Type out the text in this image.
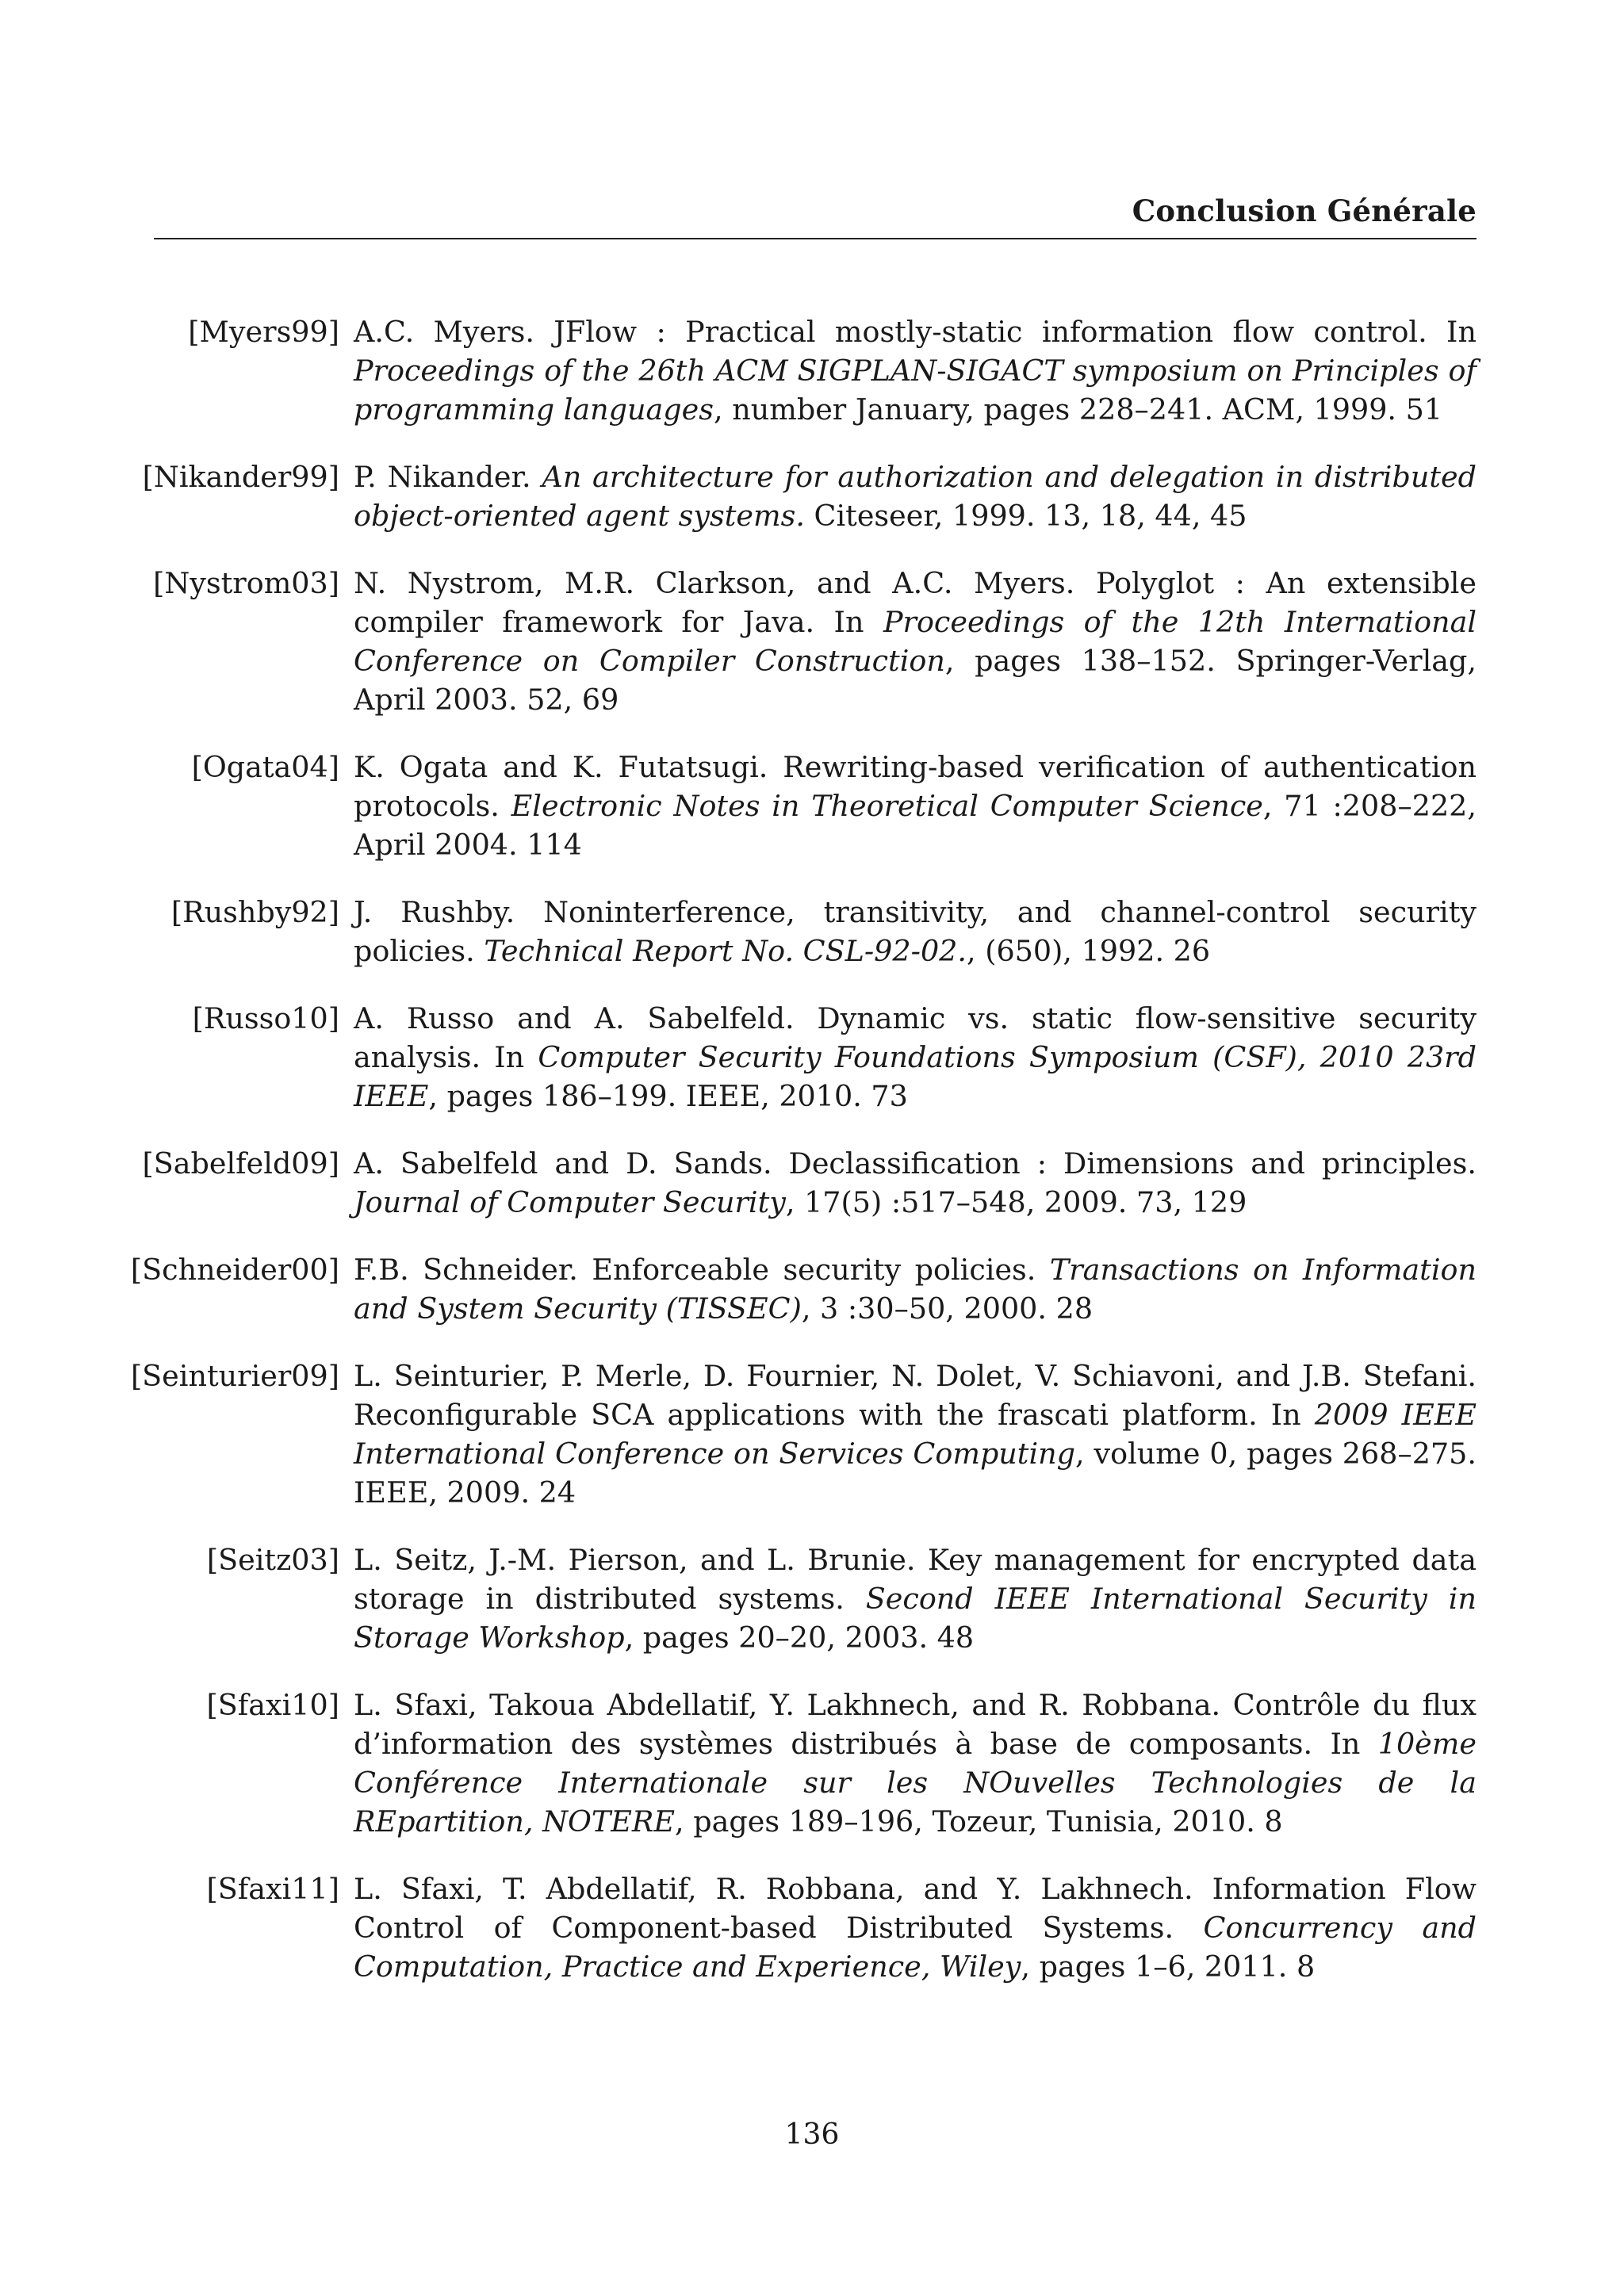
Conclusion Générale
[Myers99] A.C. Myers. JFlow : Practical mostly-static information flow control. In Proceedings of the 26th ACM SIGPLAN-SIGACT symposium on Principles of programming languages, number January, pages 228–241. ACM, 1999. 51
[Nikander99] P. Nikander. An architecture for authorization and delegation in distributed object-oriented agent systems. Citeseer, 1999. 13, 18, 44, 45
[Nystrom03] N. Nystrom, M.R. Clarkson, and A.C. Myers. Polyglot : An extensible compiler framework for Java. In Proceedings of the 12th International Conference on Compiler Construction, pages 138–152. Springer-Verlag, April 2003. 52, 69
[Ogata04] K. Ogata and K. Futatsugi. Rewriting-based verification of authentication protocols. Electronic Notes in Theoretical Computer Science, 71 :208–222, April 2004. 114
[Rushby92] J. Rushby. Noninterference, transitivity, and channel-control security policies. Technical Report No. CSL-92-02., (650), 1992. 26
[Russo10] A. Russo and A. Sabelfeld. Dynamic vs. static flow-sensitive security analysis. In Computer Security Foundations Symposium (CSF), 2010 23rd IEEE, pages 186–199. IEEE, 2010. 73
[Sabelfeld09] A. Sabelfeld and D. Sands. Declassification : Dimensions and principles. Journal of Computer Security, 17(5) :517–548, 2009. 73, 129
[Schneider00] F.B. Schneider. Enforceable security policies. Transactions on Information and System Security (TISSEC), 3 :30–50, 2000. 28
[Seinturier09] L. Seinturier, P. Merle, D. Fournier, N. Dolet, V. Schiavoni, and J.B. Stefani. Reconfigurable SCA applications with the frascati platform. In 2009 IEEE International Conference on Services Computing, volume 0, pages 268–275. IEEE, 2009. 24
[Seitz03] L. Seitz, J.-M. Pierson, and L. Brunie. Key management for encrypted data storage in distributed systems. Second IEEE International Security in Storage Workshop, pages 20–20, 2003. 48
[Sfaxi10] L. Sfaxi, Takoua Abdellatif, Y. Lakhnech, and R. Robbana. Contrôle du flux d’information des systèmes distribués à base de composants. In 10ème Conférence Internationale sur les NOuvelles Technologies de la REpartition, NOTERE, pages 189–196, Tozeur, Tunisia, 2010. 8
[Sfaxi11] L. Sfaxi, T. Abdellatif, R. Robbana, and Y. Lakhnech. Information Flow Control of Component-based Distributed Systems. Concurrency and Computation, Practice and Experience, Wiley, pages 1–6, 2011. 8
136
